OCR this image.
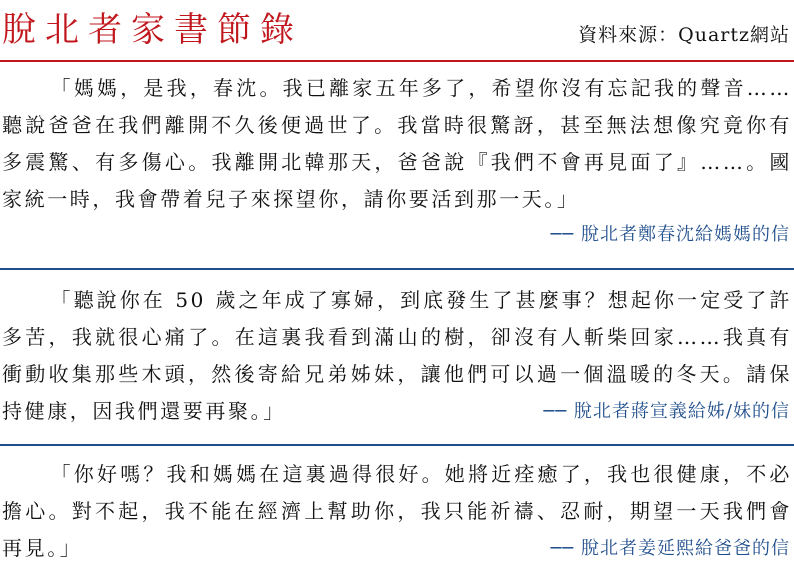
脫北者家書節錄	資料來源：Quartz網站

「媽媽，是我，春沈。我已離家五年多了，希望你沒有忘記我的聲音……聽說爸爸在我們離開不久後便過世了。我當時很驚訝，甚至無法想像究竟你有多震驚、有多傷心。我離開北韓那天，爸爸說『我們不會再見面了』……。國家統一時，我會帶着兒子來探望你，請你要活到那一天。」

── 脫北者鄭春沈給媽媽的信

「聽說你在 50 歲之年成了寡婦，到底發生了甚麼事？想起你一定受了許多苦，我就很心痛了。在這裏我看到滿山的樹，卻沒有人斬柴回家……我真有衝動收集那些木頭，然後寄給兄弟姊妹，讓他們可以過一個溫暖的冬天。請保持健康，因我們還要再聚。」	── 脫北者蔣宣義給姊/妹的信

「你好嗎？我和媽媽在這裏過得很好。她將近痊癒了，我也很健康，不必擔心。對不起，我不能在經濟上幫助你，我只能祈禱、忍耐，期望一天我們會再見。」	── 脫北者姜延熙給爸爸的信
